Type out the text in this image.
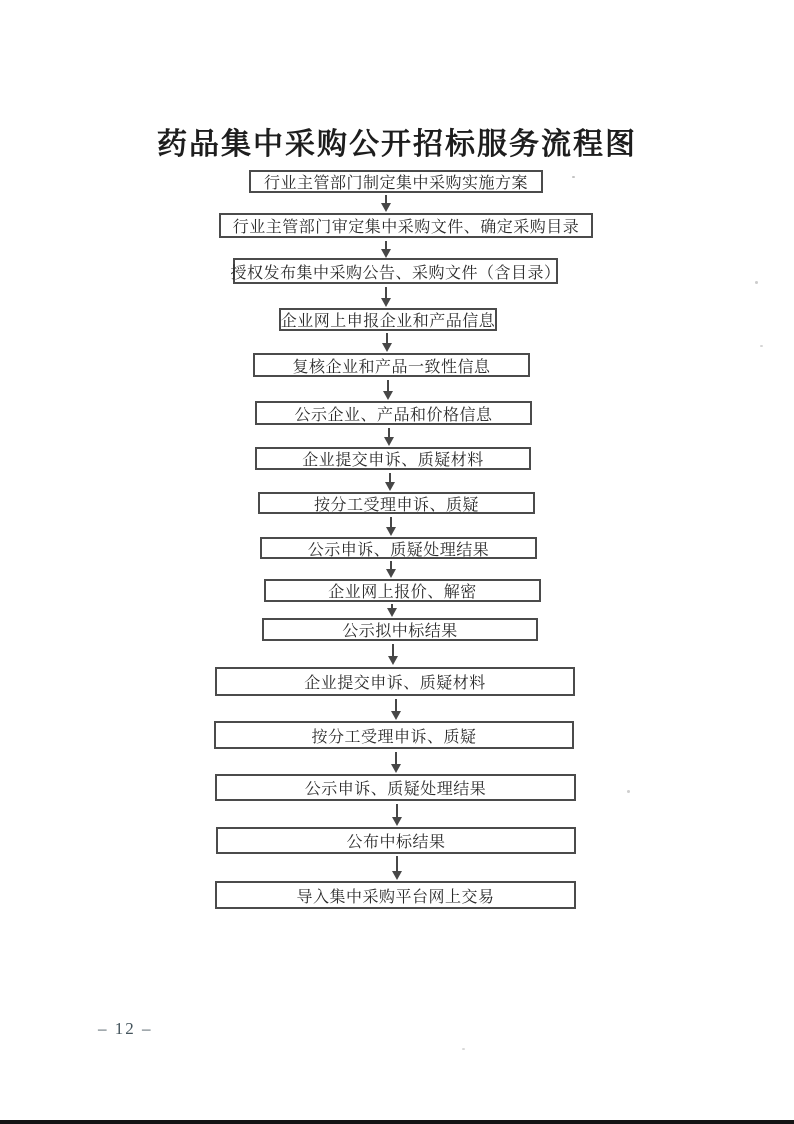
药品集中采购公开招标服务流程图
行业主管部门制定集中采购实施方案
行业主管部门审定集中采购文件、确定采购目录
授权发布集中采购公告、采购文件（含目录）
企业网上申报企业和产品信息
复核企业和产品一致性信息
公示企业、产品和价格信息
企业提交申诉、质疑材料
按分工受理申诉、质疑
公示申诉、质疑处理结果
企业网上报价、解密
公示拟中标结果
企业提交申诉、质疑材料
按分工受理申诉、质疑
公示申诉、质疑处理结果
公布中标结果
导入集中采购平台网上交易
– 12 –
